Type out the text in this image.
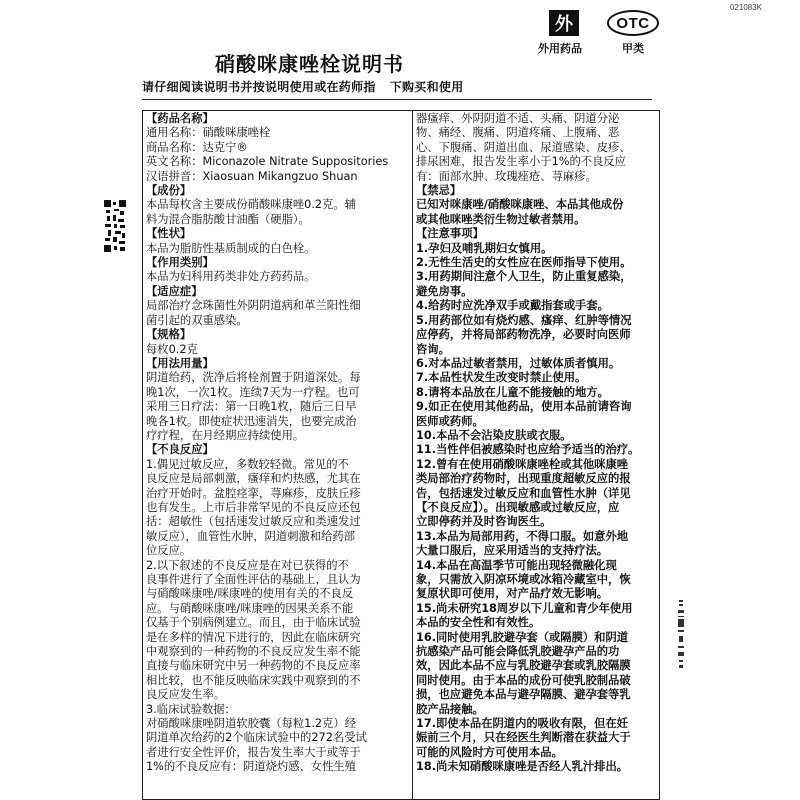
021083K
外
外用药品
OTC
甲类
硝酸咪康唑栓说明书
请仔细阅读说明书并按说明使用或在药师指 下购买和使用
【药品名称】
通用名称：硝酸咪康唑栓
商品名称：达克宁®
英文名称：Miconazole Nitrate Suppositories
汉语拼音：Xiaosuan Mikangzuo Shuan
【成份】
本品每枚含主要成份硝酸咪康唑0.2克。辅
料为混合脂肪酸甘油酯（硬脂）。
【性状】
本品为脂肪性基质制成的白色栓。
【作用类别】
本品为妇科用药类非处方药药品。
【适应症】
局部治疗念珠菌性外阴阴道病和革兰阳性细
菌引起的双重感染。
【规格】
每枚0.2克
【用法用量】
阴道给药，洗净后将栓剂置于阴道深处。每
晚1次，一次1枚。连续7天为一疗程。也可
采用三日疗法：第一日晚1枚，随后三日早
晚各1枚。即使症状迅速消失，也要完成治
疗疗程，在月经期应持续使用。
【不良反应】
1.偶见过敏反应，多数较轻微。常见的不
良反应是局部刺激，瘙痒和灼热感，尤其在
治疗开始时。盆腔痉挛，荨麻疹，皮肤丘疹
也有发生。上市后非常罕见的不良反应还包
括：超敏性（包括速发过敏反应和类速发过
敏反应），血管性水肿，阴道刺激和给药部
位反应。
2.以下叙述的不良反应是在对已获得的不
良事件进行了全面性评估的基础上，且认为
与硝酸咪康唑/咪康唑的使用有关的不良反
应。与硝酸咪康唑/咪康唑的因果关系不能
仅基于个别病例建立。而且，由于临床试验
是在多样的情况下进行的，因此在临床研究
中观察到的一种药物的不良反应发生率不能
直接与临床研究中另一种药物的不良反应率
相比较，也不能反映临床实践中观察到的不
良反应发生率。
3.临床试验数据：
对硝酸咪康唑阴道软胶囊（每粒1.2克）经
阴道单次给药的2个临床试验中的272名受试
者进行安全性评价，报告发生率大于或等于
1%的不良反应有：阴道烧灼感、女性生殖
器瘙痒、外阴阴道不适、头痛、阴道分泌
物、痛经、腹痛、阴道疼痛、上腹痛、恶
心、下腹痛、阴道出血、尿道感染、皮疹、
排尿困难，报告发生率小于1%的不良反应
有：面部水肿、玫瑰痤疮、荨麻疹。
【禁忌】
已知对咪康唑/硝酸咪康唑、本品其他成份
或其他咪唑类衍生物过敏者禁用。
【注意事项】
1.孕妇及哺乳期妇女慎用。
2.无性生活史的女性应在医师指导下使用。
3.用药期间注意个人卫生，防止重复感染，
避免房事。
4.给药时应洗净双手或戴指套或手套。
5.用药部位如有烧灼感、瘙痒、红肿等情况
应停药，并将局部药物洗净，必要时向医师
咨询。
6.对本品过敏者禁用，过敏体质者慎用。
7.本品性状发生改变时禁止使用。
8.请将本品放在儿童不能接触的地方。
9.如正在使用其他药品，使用本品前请咨询
医师或药师。
10.本品不会沾染皮肤或衣服。
11.当性伴侣被感染时也应给予适当的治疗。
12.曾有在使用硝酸咪康唑栓或其他咪康唑
类局部治疗药物时，出现重度超敏反应的报
告，包括速发过敏反应和血管性水肿（详见
【不良反应】）。出现敏感或过敏反应，应
立即停药并及时咨询医生。
13.本品为局部用药，不得口服。如意外地
大量口服后，应采用适当的支持疗法。
14.本品在高温季节可能出现轻微融化现
象，只需放入阴凉环境或冰箱冷藏室中，恢
复原状即可使用，对产品疗效无影响。
15.尚未研究18周岁以下儿童和青少年使用
本品的安全性和有效性。
16.同时使用乳胶避孕套（或隔膜）和阴道
抗感染产品可能会降低乳胶避孕产品的功
效，因此本品不应与乳胶避孕套或乳胶隔膜
同时使用。由于本品的成份可使乳胶制品破
损，也应避免本品与避孕隔膜、避孕套等乳
胶产品接触。
17.即使本品在阴道内的吸收有限，但在妊
娠前三个月，只在经医生判断潜在获益大于
可能的风险时方可使用本品。
18.尚未知硝酸咪康唑是否经人乳汁排出。
